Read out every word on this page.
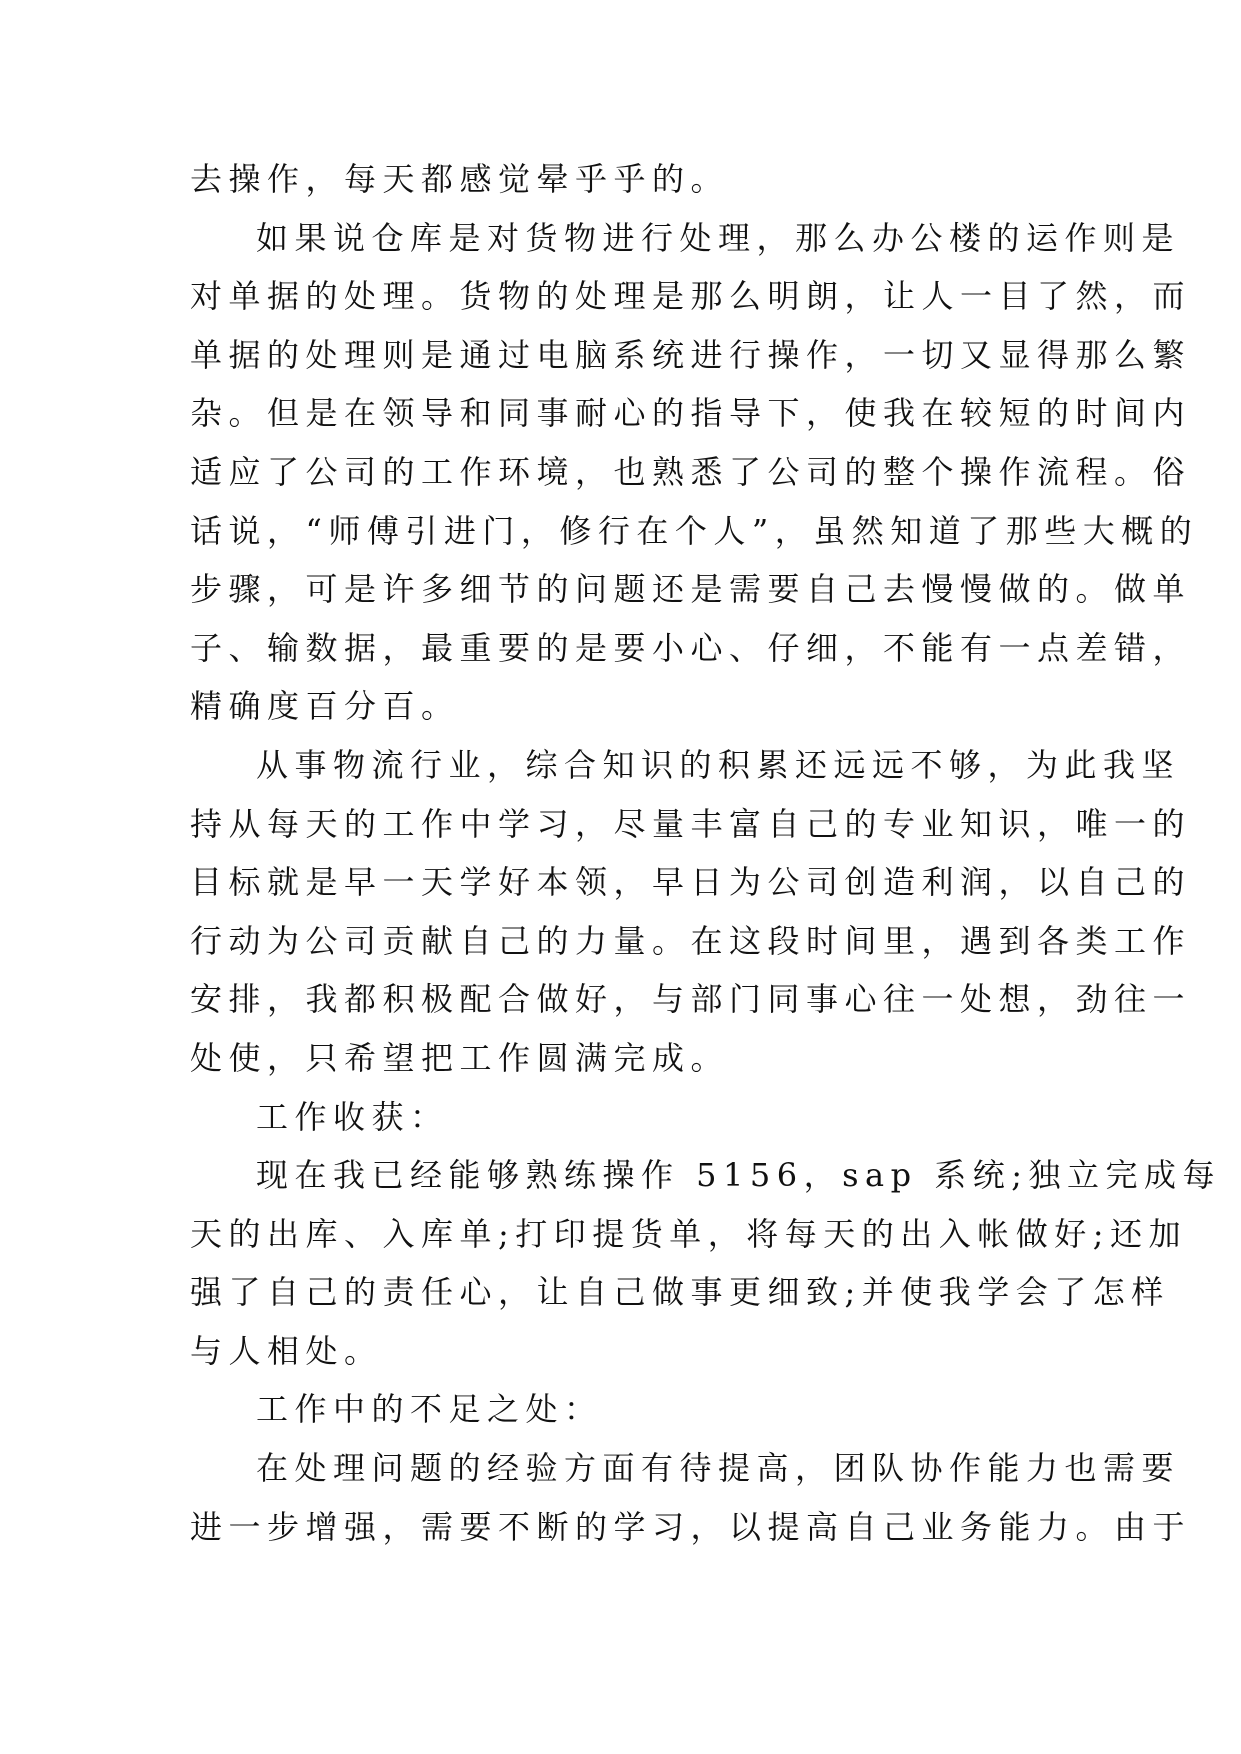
去操作，每天都感觉晕乎乎的。
如果说仓库是对货物进行处理，那么办公楼的运作则是
对单据的处理。货物的处理是那么明朗，让人一目了然，而
单据的处理则是通过电脑系统进行操作，一切又显得那么繁
杂。但是在领导和同事耐心的指导下，使我在较短的时间内
适应了公司的工作环境，也熟悉了公司的整个操作流程。俗
话说，“师傅引进门，修行在个人”，虽然知道了那些大概的
步骤，可是许多细节的问题还是需要自己去慢慢做的。做单
子、输数据，最重要的是要小心、仔细，不能有一点差错，
精确度百分百。
从事物流行业，综合知识的积累还远远不够，为此我坚
持从每天的工作中学习，尽量丰富自己的专业知识，唯一的
目标就是早一天学好本领，早日为公司创造利润，以自己的
行动为公司贡献自己的力量。在这段时间里，遇到各类工作
安排，我都积极配合做好，与部门同事心往一处想，劲往一
处使，只希望把工作圆满完成。
工作收获：
现在我已经能够熟练操作 5156，sap 系统;独立完成每
天的出库、入库单;打印提货单，将每天的出入帐做好;还加
强了自己的责任心，让自己做事更细致;并使我学会了怎样
与人相处。
工作中的不足之处：
在处理问题的经验方面有待提高，团队协作能力也需要
进一步增强，需要不断的学习，以提高自己业务能力。由于
